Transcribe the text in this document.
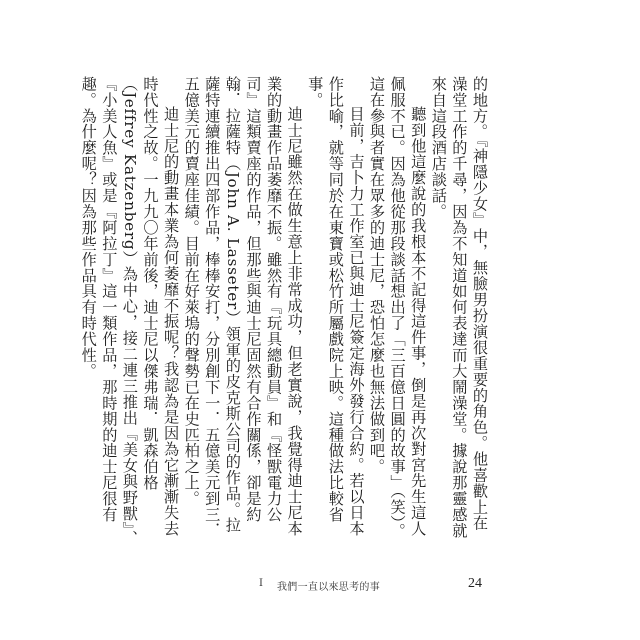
的地方。『神隱少女』中，無臉男扮演很重要的角色。他喜歡上在澡堂工作的千尋，因為不知道如何表達而大鬧澡堂。據說那靈感就來自這段酒店談話。

聽到他這麼說的我根本不記得這件事，倒是再次對宮先生這人佩服不已。因為他從那段談話想出了「三百億日圓的故事」（笑）。這在參與者實在眾多的迪士尼，恐怕怎麼也無法做到吧。

目前，吉卜力工作室已與迪士尼簽定海外發行合約。若以日本作比喻，就等同於在東寶或松竹所屬戲院上映。這種做法比較省事。

迪士尼雖然在做生意上非常成功，但老實說，我覺得迪士尼本業的動畫作品萎靡不振。雖然有『玩具總動員』和『怪獸電力公司』這類賣座的作品，但那些與迪士尼固然有合作關係，卻是約翰．拉薩特（John A. Lasseter）領軍的皮克斯公司的作品。拉薩特連續推出四部作品，棒棒安打，分別創下一．五億美元到三．五億美元的賣座佳績。目前在好萊塢的聲勢已在史匹柏之上。

迪士尼的動畫本業為何萎靡不振呢？我認為是因為它漸漸失去時代性之故。一九九〇年前後，迪士尼以傑弗瑞．凱森伯格（Jeffrey Katzenberg）為中心，接二連三推出『美女與野獸』、『小美人魚』或是『阿拉丁』這一類作品，那時期的迪士尼很有趣。為什麼呢？因為那些作品具有時代性。

I 我們一直以來思考的事	24
